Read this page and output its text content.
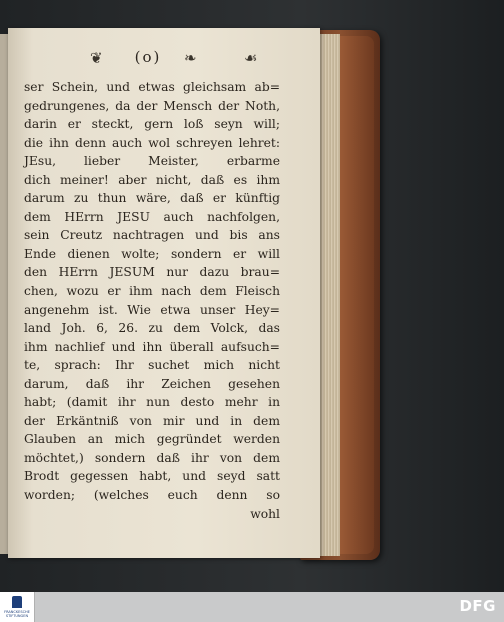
❦	(o)	❧	☙
ser Schein, und etwas gleichsam ab=
gedrungenes, da der Mensch der Noth,
darin er steckt, gern loß seyn will;
die ihn denn auch wol schreyen lehret:
JEsu, lieber Meister, erbarme
dich meiner! aber nicht, daß es ihm
darum zu thun wäre, daß er künftig
dem HErrn JESU auch nachfolgen,
sein Creutz nachtragen und bis ans
Ende dienen wolte; sondern er will
den HErrn JESUM nur dazu brau=
chen, wozu er ihm nach dem Fleisch
angenehm ist. Wie etwa unser Hey=
land Joh. 6, 26. zu dem Volck, das
ihm nachlief und ihn überall aufsuch=
te, sprach: Ihr suchet mich nicht
darum, daß ihr Zeichen gesehen
habt; (damit ihr nun desto mehr in
der Erkäntniß von mir und in dem
Glauben an mich gegründet werden
möchtet,) sondern daß ihr von dem
Brodt gegessen habt, und seyd satt
worden; (welches euch denn so
wohl
FRANCKESCHE
STIFTUNGEN
DFG
